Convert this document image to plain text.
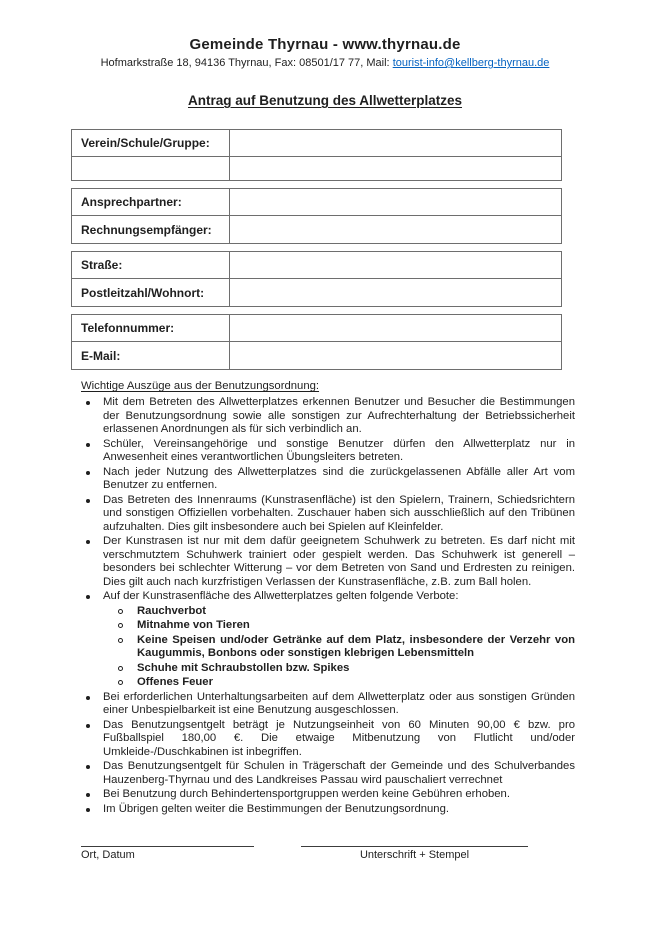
Gemeinde Thyrnau - www.thyrnau.de
Hofmarkstraße 18, 94136 Thyrnau, Fax: 08501/17 77, Mail: tourist-info@kellberg-thyrnau.de
Antrag auf Benutzung des Allwetterplatzes
Verein/Schule/Gruppe:
Ansprechpartner:
Rechnungsempfänger:
Straße:
Postleitzahl/Wohnort:
Telefonnummer:
E-Mail:
Wichtige Auszüge aus der Benutzungsordnung:
Mit dem Betreten des Allwetterplatzes erkennen Benutzer und Besucher die Bestimmungen der Benutzungsordnung sowie alle sonstigen zur Aufrechterhaltung der Betriebssicherheit erlassenen Anordnungen als für sich verbindlich an.
Schüler, Vereinsangehörige und sonstige Benutzer dürfen den Allwetterplatz nur in Anwesenheit eines verantwortlichen Übungsleiters betreten.
Nach jeder Nutzung des Allwetterplatzes sind die zurückgelassenen Abfälle aller Art vom Benutzer zu entfernen.
Das Betreten des Innenraums (Kunstrasenfläche) ist den Spielern, Trainern, Schiedsrichtern und sonstigen Offiziellen vorbehalten. Zuschauer haben sich ausschließlich auf den Tribünen aufzuhalten. Dies gilt insbesondere auch bei Spielen auf Kleinfelder.
Der Kunstrasen ist nur mit dem dafür geeignetem Schuhwerk zu betreten. Es darf nicht mit verschmutztem Schuhwerk trainiert oder gespielt werden. Das Schuhwerk ist generell – besonders bei schlechter Witterung – vor dem Betreten von Sand und Erdresten zu reinigen. Dies gilt auch nach kurzfristigen Verlassen der Kunstrasenfläche, z.B. zum Ball holen.
Auf der Kunstrasenfläche des Allwetterplatzes gelten folgende Verbote:
Rauchverbot
Mitnahme von Tieren
Keine Speisen und/oder Getränke auf dem Platz, insbesondere der Verzehr von Kaugummis, Bonbons oder sonstigen klebrigen Lebensmitteln
Schuhe mit Schraubstollen bzw. Spikes
Offenes Feuer
Bei erforderlichen Unterhaltungsarbeiten auf dem Allwetterplatz oder aus sonstigen Gründen einer Unbespielbarkeit ist eine Benutzung ausgeschlossen.
Das Benutzungsentgelt beträgt je Nutzungseinheit von 60 Minuten 90,00 € bzw. pro Fußballspiel 180,00 €. Die etwaige Mitbenutzung von Flutlicht und/oder Umkleide-/Duschkabinen ist inbegriffen.
Das Benutzungsentgelt für Schulen in Trägerschaft der Gemeinde und des Schulverbandes Hauzenberg-Thyrnau und des Landkreises Passau wird pauschaliert verrechnet
Bei Benutzung durch Behindertensportgruppen werden keine Gebühren erhoben.
Im Übrigen gelten weiter die Bestimmungen der Benutzungsordnung.
Ort, Datum	Unterschrift + Stempel
